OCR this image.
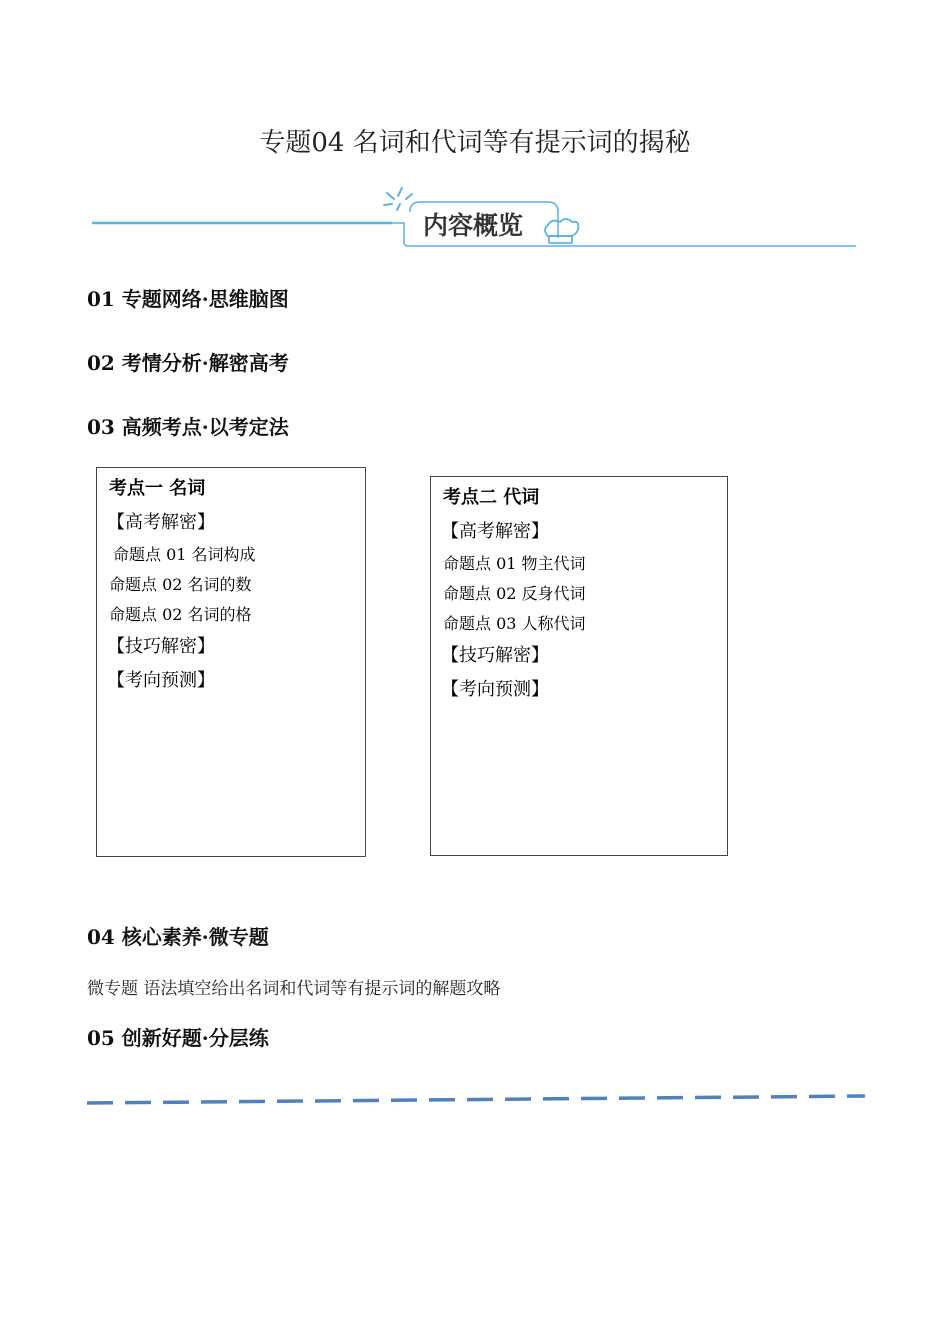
专题04 名词和代词等有提示词的揭秘
内容概览
01 专题网络·思维脑图
02 考情分析·解密高考
03 高频考点·以考定法
考点一 名词
【高考解密】
命题点 01 名词构成
命题点 02 名词的数
命题点 02 名词的格
【技巧解密】
【考向预测】
考点二 代词
【高考解密】
命题点 01 物主代词
命题点 02 反身代词
命题点 03 人称代词
【技巧解密】
【考向预测】
04 核心素养·微专题
微专题 语法填空给出名词和代词等有提示词的解题攻略
05 创新好题·分层练
